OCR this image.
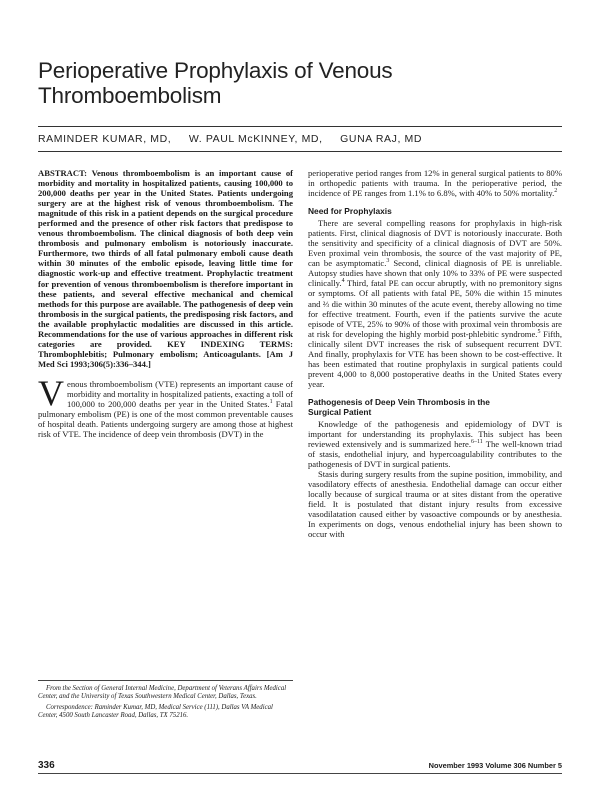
Perioperative Prophylaxis of Venous
Thromboembolism
RAMINDER KUMAR, MD, W. PAUL McKINNEY, MD, GUNA RAJ, MD

ABSTRACT: Venous thromboembolism is an important cause of morbidity and mortality in hospitalized patients, causing 100,000 to 200,000 deaths per year in the United States. Patients undergoing surgery are at the highest risk of venous thromboembolism. The magnitude of this risk in a patient depends on the surgical procedure performed and the presence of other risk factors that predispose to venous thromboembolism. The clinical diagnosis of both deep vein thrombosis and pulmonary embolism is notoriously inaccurate. Furthermore, two thirds of all fatal pulmonary emboli cause death within 30 minutes of the embolic episode, leaving little time for diagnostic work-up and effective treatment. Prophylactic treatment for prevention of venous thromboembolism is therefore important in these patients, and several effective mechanical and chemical methods for this purpose are available. The pathogenesis of deep vein thrombosis in the surgical patients, the predisposing risk factors, and the available prophylactic modalities are discussed in this article. Recommendations for the use of various approaches in different risk categories are provided. KEY INDEXING TERMS: Thrombophlebitis; Pulmonary embolism; Anticoagulants. [Am J Med Sci 1993;306(5):336–344.]

Venous thromboembolism (VTE) represents an important cause of morbidity and mortality in hospitalized patients, exacting a toll of 100,000 to 200,000 deaths per year in the United States.$^1$ Fatal pulmonary embolism (PE) is one of the most common preventable causes of hospital death. Patients undergoing surgery are among those at highest risk of VTE. The incidence of deep vein thrombosis (DVT) in the

perioperative period ranges from 12% in general surgical patients to 80% in orthopedic patients with trauma. In the perioperative period, the incidence of PE ranges from 1.1% to 6.8%, with 40% to 50% mortality.$^2$

Need for Prophylaxis

There are several compelling reasons for prophylaxis in high-risk patients. First, clinical diagnosis of DVT is notoriously inaccurate. Both the sensitivity and specificity of a clinical diagnosis of DVT are 50%. Even proximal vein thrombosis, the source of the vast majority of PE, can be asymptomatic.$^3$ Second, clinical diagnosis of PE is unreliable. Autopsy studies have shown that only 10% to 33% of PE were suspected clinically.$^4$ Third, fatal PE can occur abruptly, with no premonitory signs or symptoms. Of all patients with fatal PE, 50% die within 15 minutes and ⅔ die within 30 minutes of the acute event, thereby allowing no time for effective treatment. Fourth, even if the patients survive the acute episode of VTE, 25% to 90% of those with proximal vein thrombosis are at risk for developing the highly morbid post-phlebitic syndrome.$^5$ Fifth, clinically silent DVT increases the risk of subsequent recurrent DVT. And finally, prophylaxis for VTE has been shown to be cost-effective. It has been estimated that routine prophylaxis in surgical patients could prevent 4,000 to 8,000 postoperative deaths in the United States every year.

Pathogenesis of Deep Vein Thrombosis in the
Surgical Patient

Knowledge of the pathogenesis and epidemiology of DVT is important for understanding its prophylaxis. This subject has been reviewed extensively and is summarized here.$^{6-11}$ The well-known triad of stasis, endothelial injury, and hypercoagulability contributes to the pathogenesis of DVT in surgical patients.

Stasis during surgery results from the supine position, immobility, and vasodilatory effects of anesthesia. Endothelial damage can occur either locally because of surgical trauma or at sites distant from the operative field. It is postulated that distant injury results from excessive vasodilatation caused either by vasoactive compounds or by anesthesia. In experiments on dogs, venous endothelial injury has been shown to occur with

From the Section of General Internal Medicine, Department of Veterans Affairs Medical Center, and the University of Texas Southwestern Medical Center, Dallas, Texas.

Correspondence: Raminder Kumar, MD, Medical Service (111), Dallas VA Medical Center, 4500 South Lancaster Road, Dallas, TX 75216.

336	November 1993 Volume 306 Number 5
